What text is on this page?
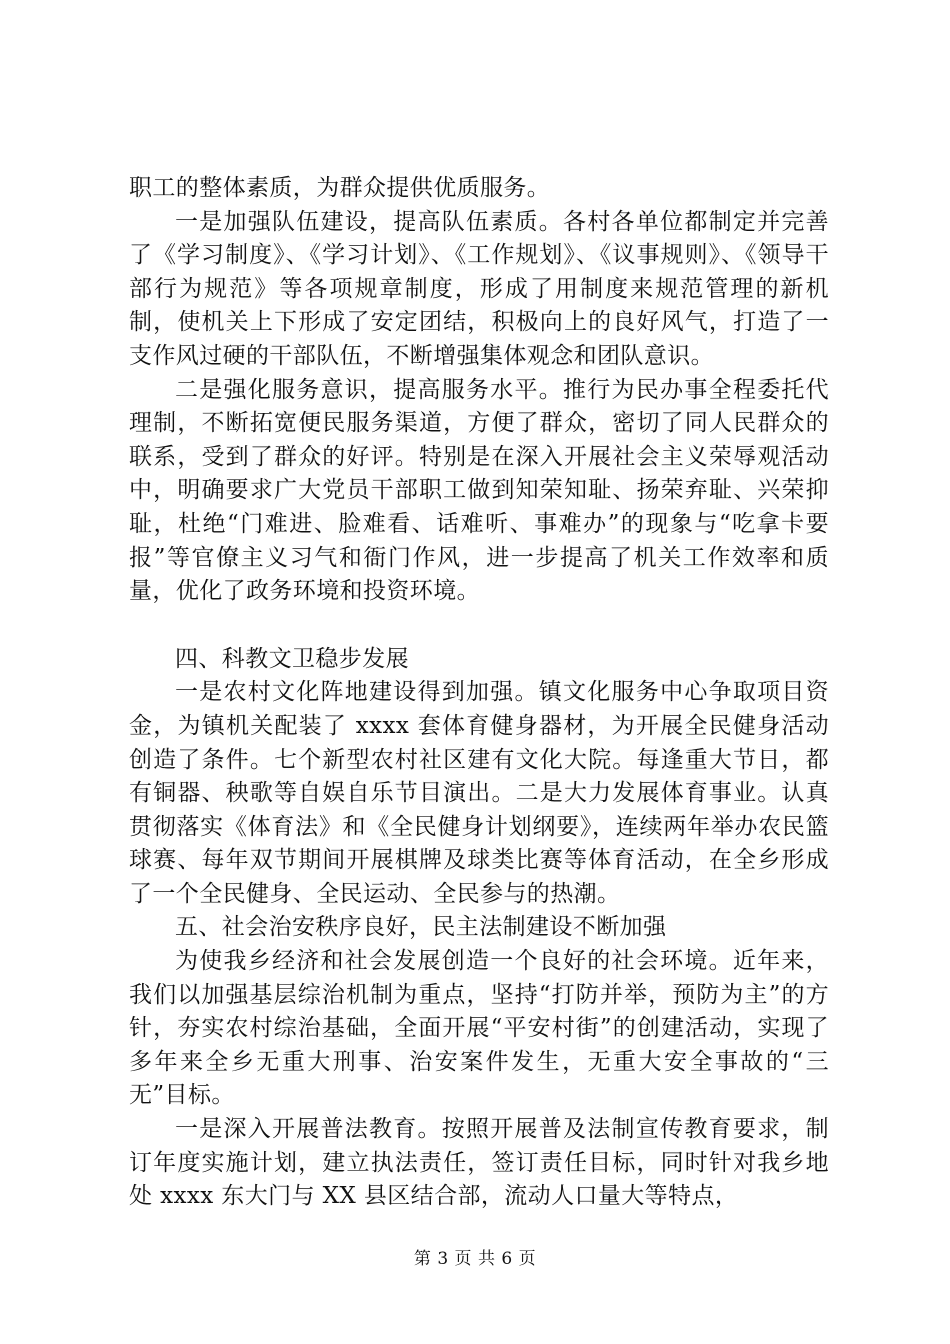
职工的整体素质，为群众提供优质服务。

一是加强队伍建设，提高队伍素质。各村各单位都制定并完善了《学习制度》、《学习计划》、《工作规划》、《议事规则》、《领导干部行为规范》等各项规章制度，形成了用制度来规范管理的新机制，使机关上下形成了安定团结，积极向上的良好风气，打造了一支作风过硬的干部队伍，不断增强集体观念和团队意识。

二是强化服务意识，提高服务水平。推行为民办事全程委托代理制，不断拓宽便民服务渠道，方便了群众，密切了同人民群众的联系，受到了群众的好评。特别是在深入开展社会主义荣辱观活动中，明确要求广大党员干部职工做到知荣知耻、扬荣弃耻、兴荣抑耻，杜绝“门难进、脸难看、话难听、事难办”的现象与“吃拿卡要报”等官僚主义习气和衙门作风，进一步提高了机关工作效率和质量，优化了政务环境和投资环境。

四、科教文卫稳步发展

一是农村文化阵地建设得到加强。镇文化服务中心争取项目资金，为镇机关配装了 xxxx 套体育健身器材，为开展全民健身活动创造了条件。七个新型农村社区建有文化大院。每逢重大节日，都有铜器、秧歌等自娱自乐节目演出。二是大力发展体育事业。认真贯彻落实《体育法》和《全民健身计划纲要》，连续两年举办农民篮球赛、每年双节期间开展棋牌及球类比赛等体育活动，在全乡形成了一个全民健身、全民运动、全民参与的热潮。

五、社会治安秩序良好，民主法制建设不断加强

为使我乡经济和社会发展创造一个良好的社会环境。近年来，我们以加强基层综治机制为重点，坚持“打防并举，预防为主”的方针，夯实农村综治基础，全面开展“平安村街”的创建活动，实现了多年来全乡无重大刑事、治安案件发生，无重大安全事故的“三无”目标。

一是深入开展普法教育。按照开展普及法制宣传教育要求，制订年度实施计划，建立执法责任，签订责任目标，同时针对我乡地处 xxxx 东大门与 XX 县区结合部，流动人口量大等特点，

第 3 页 共 6 页
